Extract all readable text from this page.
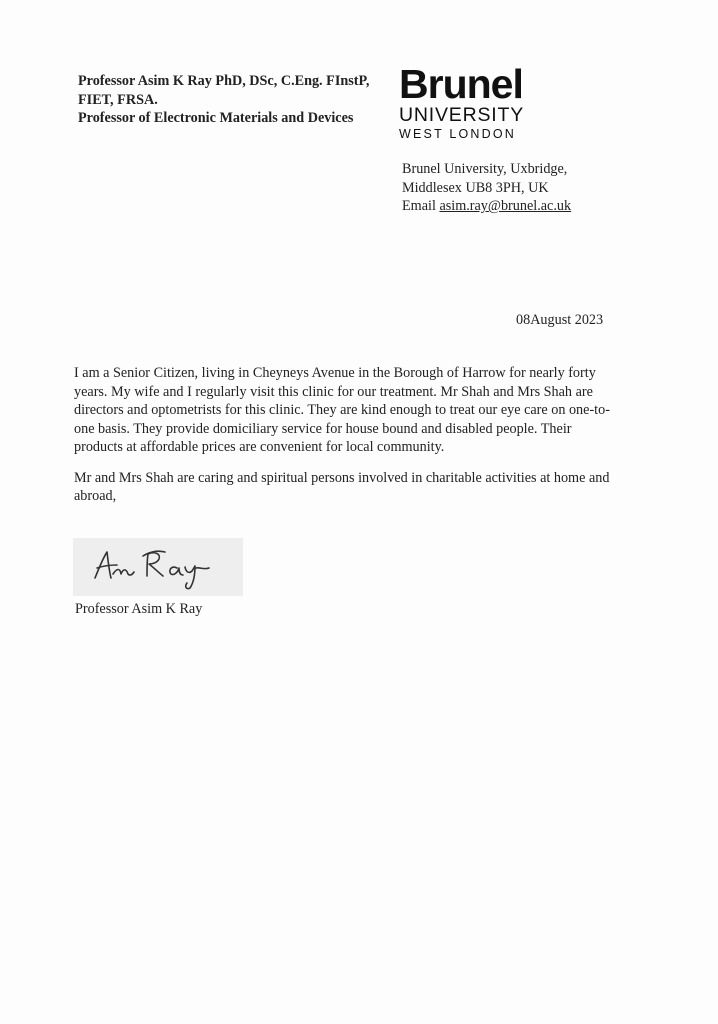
Professor Asim K Ray PhD, DSc, C.Eng. FInstP,
FIET, FRSA.
Professor of Electronic Materials and Devices
Brunel
UNIVERSITY
WEST LONDON
Brunel University, Uxbridge,
Middlesex UB8 3PH, UK
Email asim.ray@brunel.ac.uk
08August 2023

I am a Senior Citizen, living in Cheyneys Avenue in the Borough of Harrow for nearly forty years. My wife and I regularly visit this clinic for our treatment. Mr Shah and Mrs Shah are directors and optometrists for this clinic. They are kind enough to treat our eye care on one-to-one basis. They provide domiciliary service for house bound and disabled people. Their products at affordable prices are convenient for local community.

Mr and Mrs Shah are caring and spiritual persons involved in charitable activities at home and abroad,

Professor Asim K Ray
